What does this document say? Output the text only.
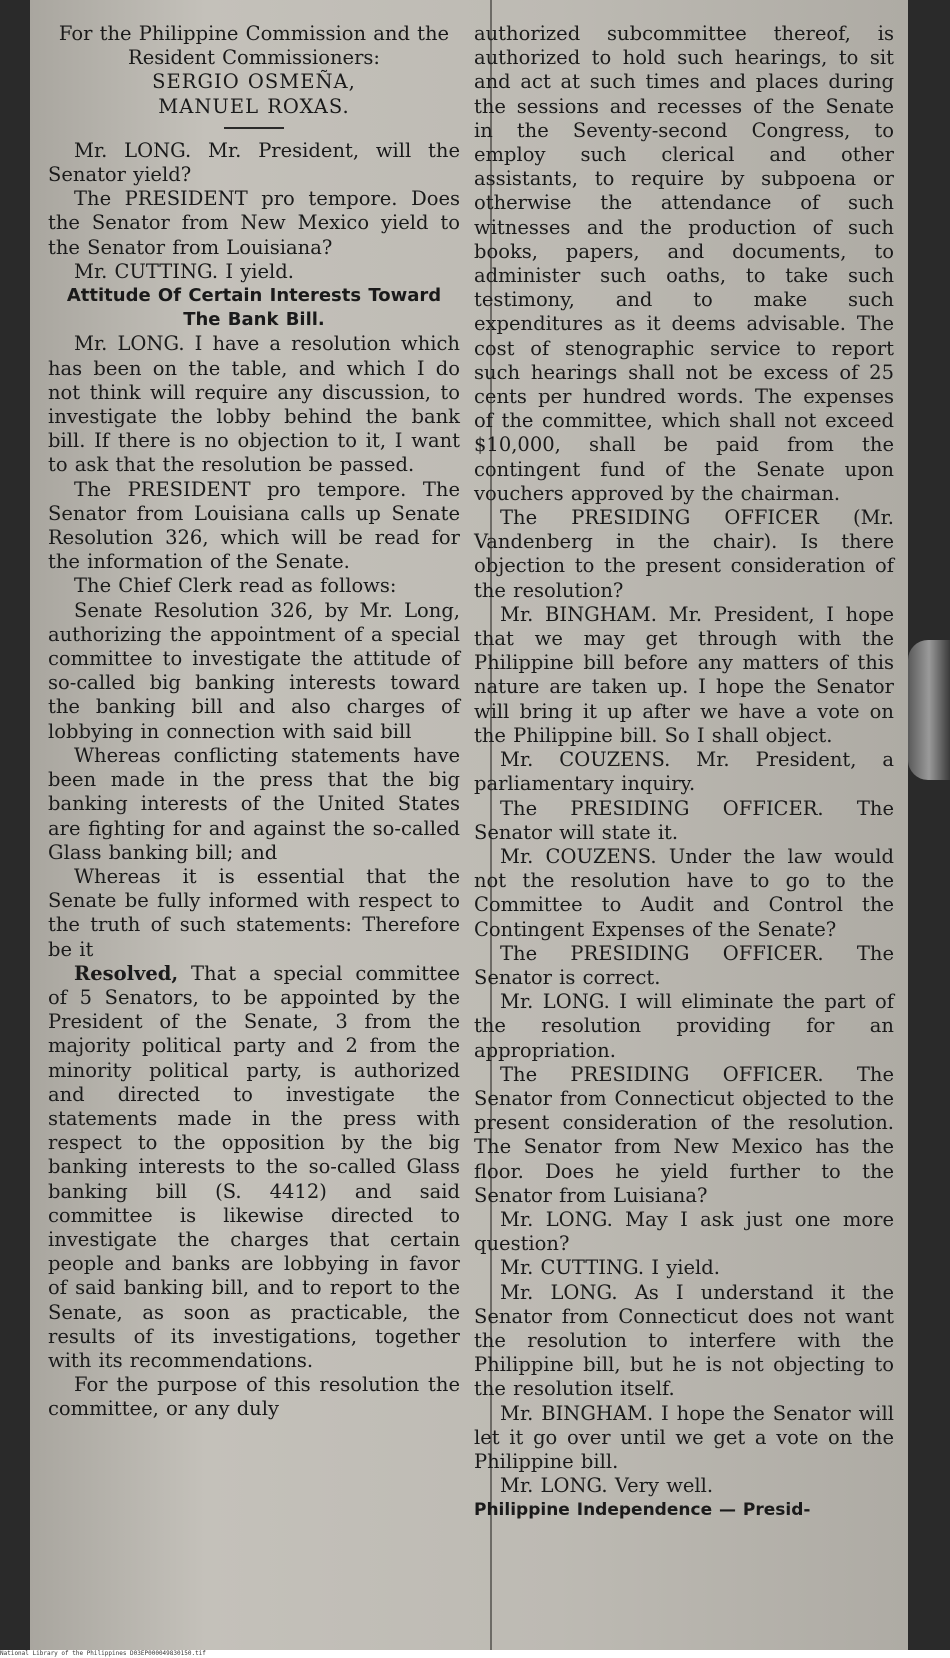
For the Philippine Commission and the Resident Commissioners:

SERGIO OSMEÑA,

MANUEL ROXAS.

Mr. LONG. Mr. President, will the Senator yield?

The PRESIDENT pro tempore. Does the Senator from New Mexico yield to the Senator from Louisiana?

Mr. CUTTING. I yield.

Attitude Of Certain Interests Toward The Bank Bill.

Mr. LONG. I have a resolution which has been on the table, and which I do not think will require any discussion, to investigate the lobby behind the bank bill. If there is no objection to it, I want to ask that the resolution be passed.

The PRESIDENT pro tempore. The Senator from Louisiana calls up Senate Resolution 326, which will be read for the information of the Senate.

The Chief Clerk read as follows:

Senate Resolution 326, by Mr. Long, authorizing the appointment of a special committee to investigate the attitude of so-called big banking interests toward the banking bill and also charges of lobbying in connection with said bill

Whereas conflicting statements have been made in the press that the big banking interests of the United States are fighting for and against the so-called Glass banking bill; and

Whereas it is essential that the Senate be fully informed with respect to the truth of such statements: Therefore be it

Resolved, That a special committee of 5 Senators, to be appointed by the President of the Senate, 3 from the majority political party and 2 from the minority political party, is authorized and directed to investigate the statements made in the press with respect to the opposition by the big banking interests to the so-called Glass banking bill (S. 4412) and said committee is likewise directed to investigate the charges that certain people and banks are lobbying in favor of said banking bill, and to report to the Senate, as soon as practicable, the results of its investigations, together with its recommendations.

For the purpose of this resolution the committee, or any duly

authorized subcommittee thereof, is authorized to hold such hearings, to sit and act at such times and places during the sessions and recesses of the Senate in the Seventy-second Congress, to employ such clerical and other assistants, to require by subpoena or otherwise the attendance of such witnesses and the production of such books, papers, and documents, to administer such oaths, to take such testimony, and to make such expenditures as it deems advisable. The cost of stenographic service to report such hearings shall not be excess of 25 cents per hundred words. The expenses of the committee, which shall not exceed $10,000, shall be paid from the contingent fund of the Senate upon vouchers approved by the chairman.

The PRESIDING OFFICER (Mr. Vandenberg in the chair). Is there objection to the present consideration of the resolution?

Mr. BINGHAM. Mr. President, I hope that we may get through with the Philippine bill before any matters of this nature are taken up. I hope the Senator will bring it up after we have a vote on the Philippine bill. So I shall object.

Mr. COUZENS. Mr. President, a parliamentary inquiry.

The PRESIDING OFFICER. The Senator will state it.

Mr. COUZENS. Under the law would not the resolution have to go to the Committee to Audit and Control the Contingent Expenses of the Senate?

The PRESIDING OFFICER. The Senator is correct.

Mr. LONG. I will eliminate the part of the resolution providing for an appropriation.

The PRESIDING OFFICER. The Senator from Connecticut objected to the present consideration of the resolution. The Senator from New Mexico has the floor. Does he yield further to the Senator from Luisiana?

Mr. LONG. May I ask just one more question?

Mr. CUTTING. I yield.

Mr. LONG. As I understand it the Senator from Connecticut does not want the resolution to interfere with the Philippine bill, but he is not objecting to the resolution itself.

Mr. BINGHAM. I hope the Senator will let it go over until we get a vote on the Philippine bill.

Mr. LONG. Very well.

Philippine Independence — Presid-

National Library of the Philippines D03EP000049830150.tif
